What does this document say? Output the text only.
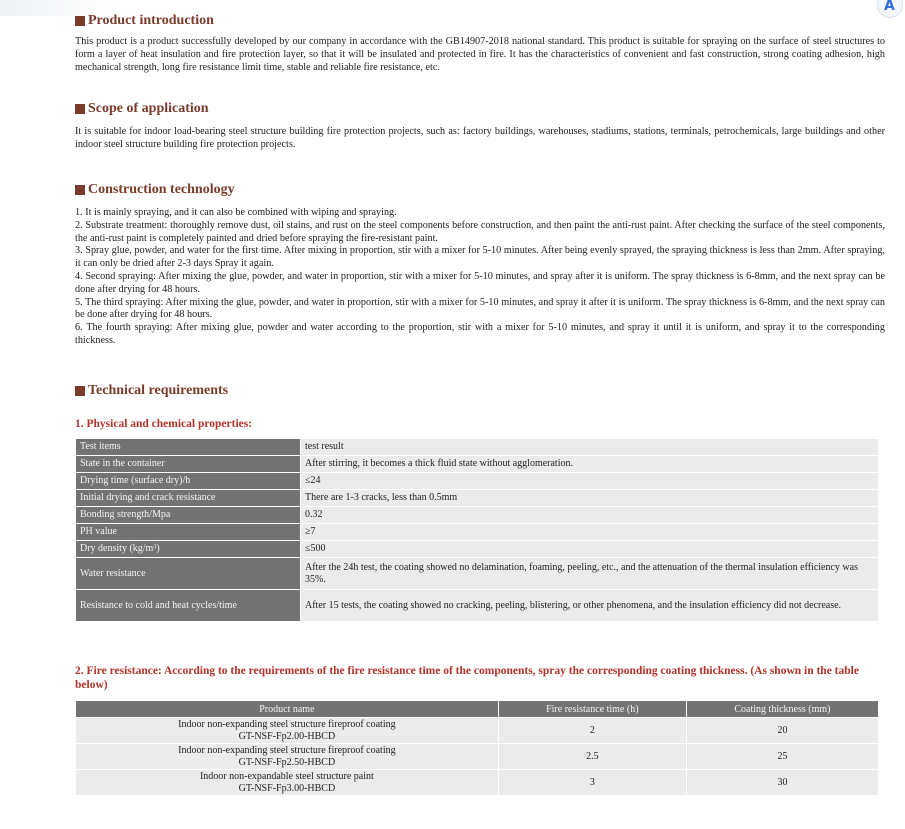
A
Product introduction

This product is a product successfully developed by our company in accordance with the GB14907-2018 national standard. This product is suitable for spraying on the surface of steel structures to form a layer of heat insulation and fire protection layer, so that it will be insulated and protected in fire. It has the characteristics of convenient and fast construction, strong coating adhesion, high mechanical strength, long fire resistance limit time, stable and reliable fire resistance, etc.

Scope of application

It is suitable for indoor load-bearing steel structure building fire protection projects, such as: factory buildings, warehouses, stadiums, stations, terminals, petrochemicals, large buildings and other indoor steel structure building fire protection projects.

Construction technology

1. It is mainly spraying, and it can also be combined with wiping and spraying.

2. Substrate treatment: thoroughly remove dust, oil stains, and rust on the steel components before construction, and then paint the anti-rust paint. After checking the surface of the steel components, the anti-rust paint is completely painted and dried before spraying the fire-resistant paint.

3. Spray glue, powder, and water for the first time. After mixing in proportion, stir with a mixer for 5-10 minutes. After being evenly sprayed, the spraying thickness is less than 2mm. After spraying, it can only be dried after 2-3 days Spray it again.

4. Second spraying: After mixing the glue, powder, and water in proportion, stir with a mixer for 5-10 minutes, and spray after it is uniform. The spray thickness is 6-8mm, and the next spray can be done after drying for 48 hours.

5. The third spraying: After mixing the glue, powder, and water in proportion, stir with a mixer for 5-10 minutes, and spray it after it is uniform. The spray thickness is 6-8mm, and the next spray can be done after drying for 48 hours.

6. The fourth spraying: After mixing glue, powder and water according to the proportion, stir with a mixer for 5-10 minutes, and spray it until it is uniform, and spray it to the corresponding thickness.

Technical requirements
1. Physical and chemical properties:
Test items	test result
State in the container	After stirring, it becomes a thick fluid state without agglomeration.
Drying time (surface dry)/h	≤24
Initial drying and crack resistance	There are 1-3 cracks, less than 0.5mm
Bonding strength/Mpa	0.32
PH value	≥7
Dry density (kg/m³)	≤500
Water resistance	After the 24h test, the coating showed no delamination, foaming, peeling, etc., and the attenuation of the thermal insulation efficiency was 35%.
Resistance to cold and heat cycles/time	After 15 tests, the coating showed no cracking, peeling, blistering, or other phenomena, and the insulation efficiency did not decrease.
2. Fire resistance: According to the requirements of the fire resistance time of the components, spray the corresponding coating thickness. (As shown in the table below)
Product name	Fire resistance time (h)	Coating thickness (mm)

Indoor non-expanding steel structure fireproof coating
GT-NSF-Fp2.00-HBCD	2	20

Indoor non-expanding steel structure fireproof coating
GT-NSF-Fp2.50-HBCD	2.5	25

Indoor non-expandable steel structure paint
GT-NSF-Fp3.00-HBCD	3	30
